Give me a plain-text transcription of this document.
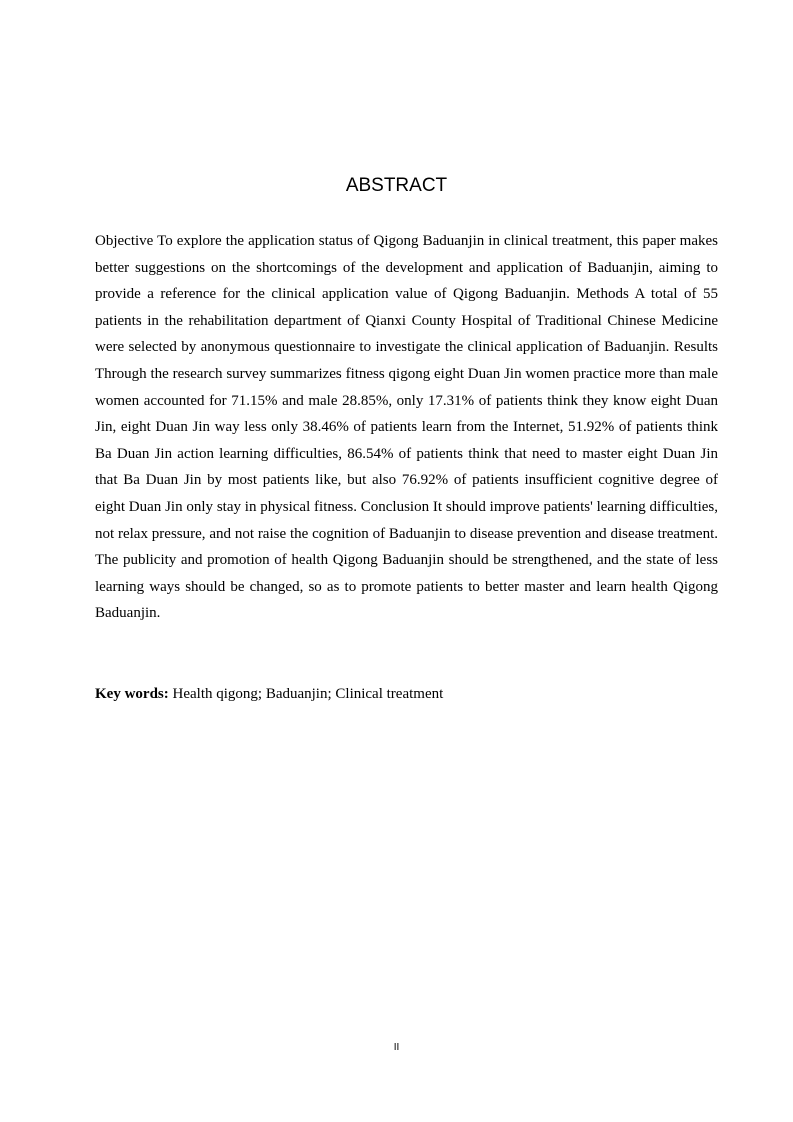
ABSTRACT

Objective To explore the application status of Qigong Baduanjin in clinical treatment, this paper makes better suggestions on the shortcomings of the development and application of Baduanjin, aiming to provide a reference for the clinical application value of Qigong Baduanjin. Methods A total of 55 patients in the rehabilitation department of Qianxi County Hospital of Traditional Chinese Medicine were selected by anonymous questionnaire to investigate the clinical application of Baduanjin. Results Through the research survey summarizes fitness qigong eight Duan Jin women practice more than male women accounted for 71.15% and male 28.85%, only 17.31% of patients think they know eight Duan Jin, eight Duan Jin way less only 38.46% of patients learn from the Internet, 51.92% of patients think Ba Duan Jin action learning difficulties, 86.54% of patients think that need to master eight Duan Jin that Ba Duan Jin by most patients like, but also 76.92% of patients insufficient cognitive degree of eight Duan Jin only stay in physical fitness. Conclusion It should improve patients' learning difficulties, not relax pressure, and not raise the cognition of Baduanjin to disease prevention and disease treatment. The publicity and promotion of health Qigong Baduanjin should be strengthened, and the state of less learning ways should be changed, so as to promote patients to better master and learn health Qigong Baduanjin.

Key words: Health qigong; Baduanjin; Clinical treatment

II
